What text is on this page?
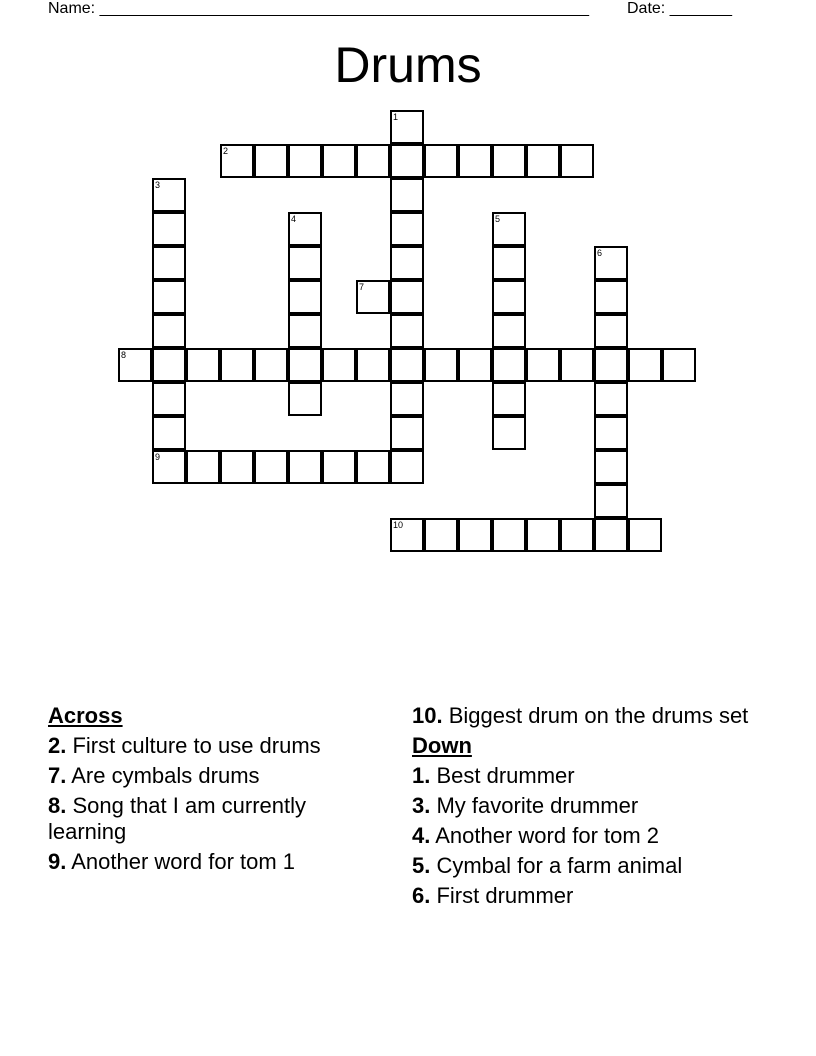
Name: _______________________________________________________ Date: _______
Drums
2
7
8
9
10
1
3
4	5
6
Across
2. First culture to use drums
7. Are cymbals drums
8. Song that I am currently learning
9. Another word for tom 1
10. Biggest drum on the drums set
Down
1. Best drummer
3. My favorite drummer
4. Another word for tom 2
5. Cymbal for a farm animal
6. First drummer
